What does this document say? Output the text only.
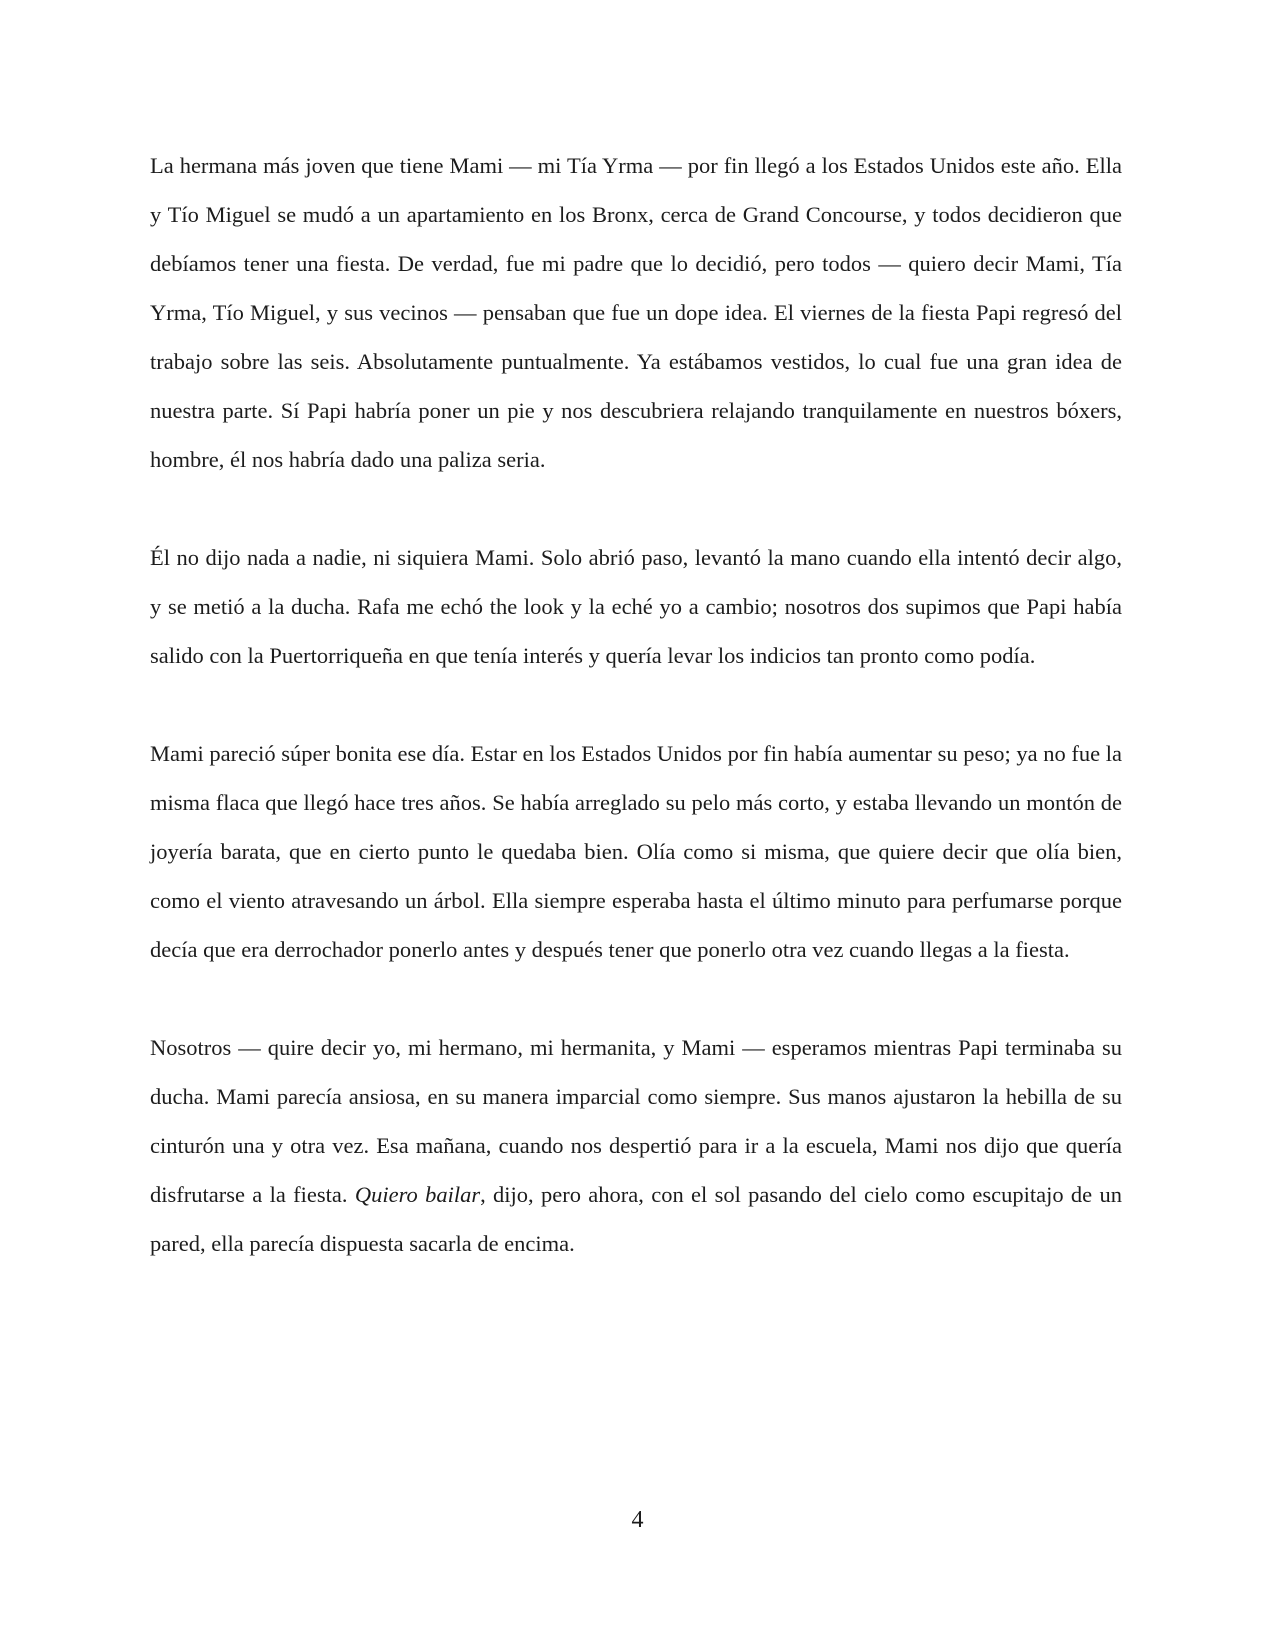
La hermana más joven que tiene Mami — mi Tía Yrma — por fin llegó a los Estados Unidos este año. Ella y Tío Miguel se mudó a un apartamiento en los Bronx, cerca de Grand Concourse, y todos decidieron que debíamos tener una fiesta. De verdad, fue mi padre que lo decidió, pero todos — quiero decir Mami, Tía Yrma, Tío Miguel, y sus vecinos — pensaban que fue un dope idea. El viernes de la fiesta Papi regresó del trabajo sobre las seis. Absolutamente puntualmente. Ya estábamos vestidos, lo cual fue una gran idea de nuestra parte. Sí Papi habría poner un pie y nos descubriera relajando tranquilamente en nuestros bóxers, hombre, él nos habría dado una paliza seria.

Él no dijo nada a nadie, ni siquiera Mami. Solo abrió paso, levantó la mano cuando ella intentó decir algo, y se metió a la ducha. Rafa me echó the look y la eché yo a cambio; nosotros dos supimos que Papi había salido con la Puertorriqueña en que tenía interés y quería levar los indicios tan pronto como podía.

Mami pareció súper bonita ese día. Estar en los Estados Unidos por fin había aumentar su peso; ya no fue la misma flaca que llegó hace tres años. Se había arreglado su pelo más corto, y estaba llevando un montón de joyería barata, que en cierto punto le quedaba bien. Olía como si misma, que quiere decir que olía bien, como el viento atravesando un árbol. Ella siempre esperaba hasta el último minuto para perfumarse porque decía que era derrochador ponerlo antes y después tener que ponerlo otra vez cuando llegas a la fiesta.

Nosotros — quire decir yo, mi hermano, mi hermanita, y Mami — esperamos mientras Papi terminaba su ducha. Mami parecía ansiosa, en su manera imparcial como siempre. Sus manos ajustaron la hebilla de su cinturón una y otra vez. Esa mañana, cuando nos despertió para ir a la escuela, Mami nos dijo que quería disfrutarse a la fiesta. Quiero bailar, dijo, pero ahora, con el sol pasando del cielo como escupitajo de un pared, ella parecía dispuesta sacarla de encima.

4
